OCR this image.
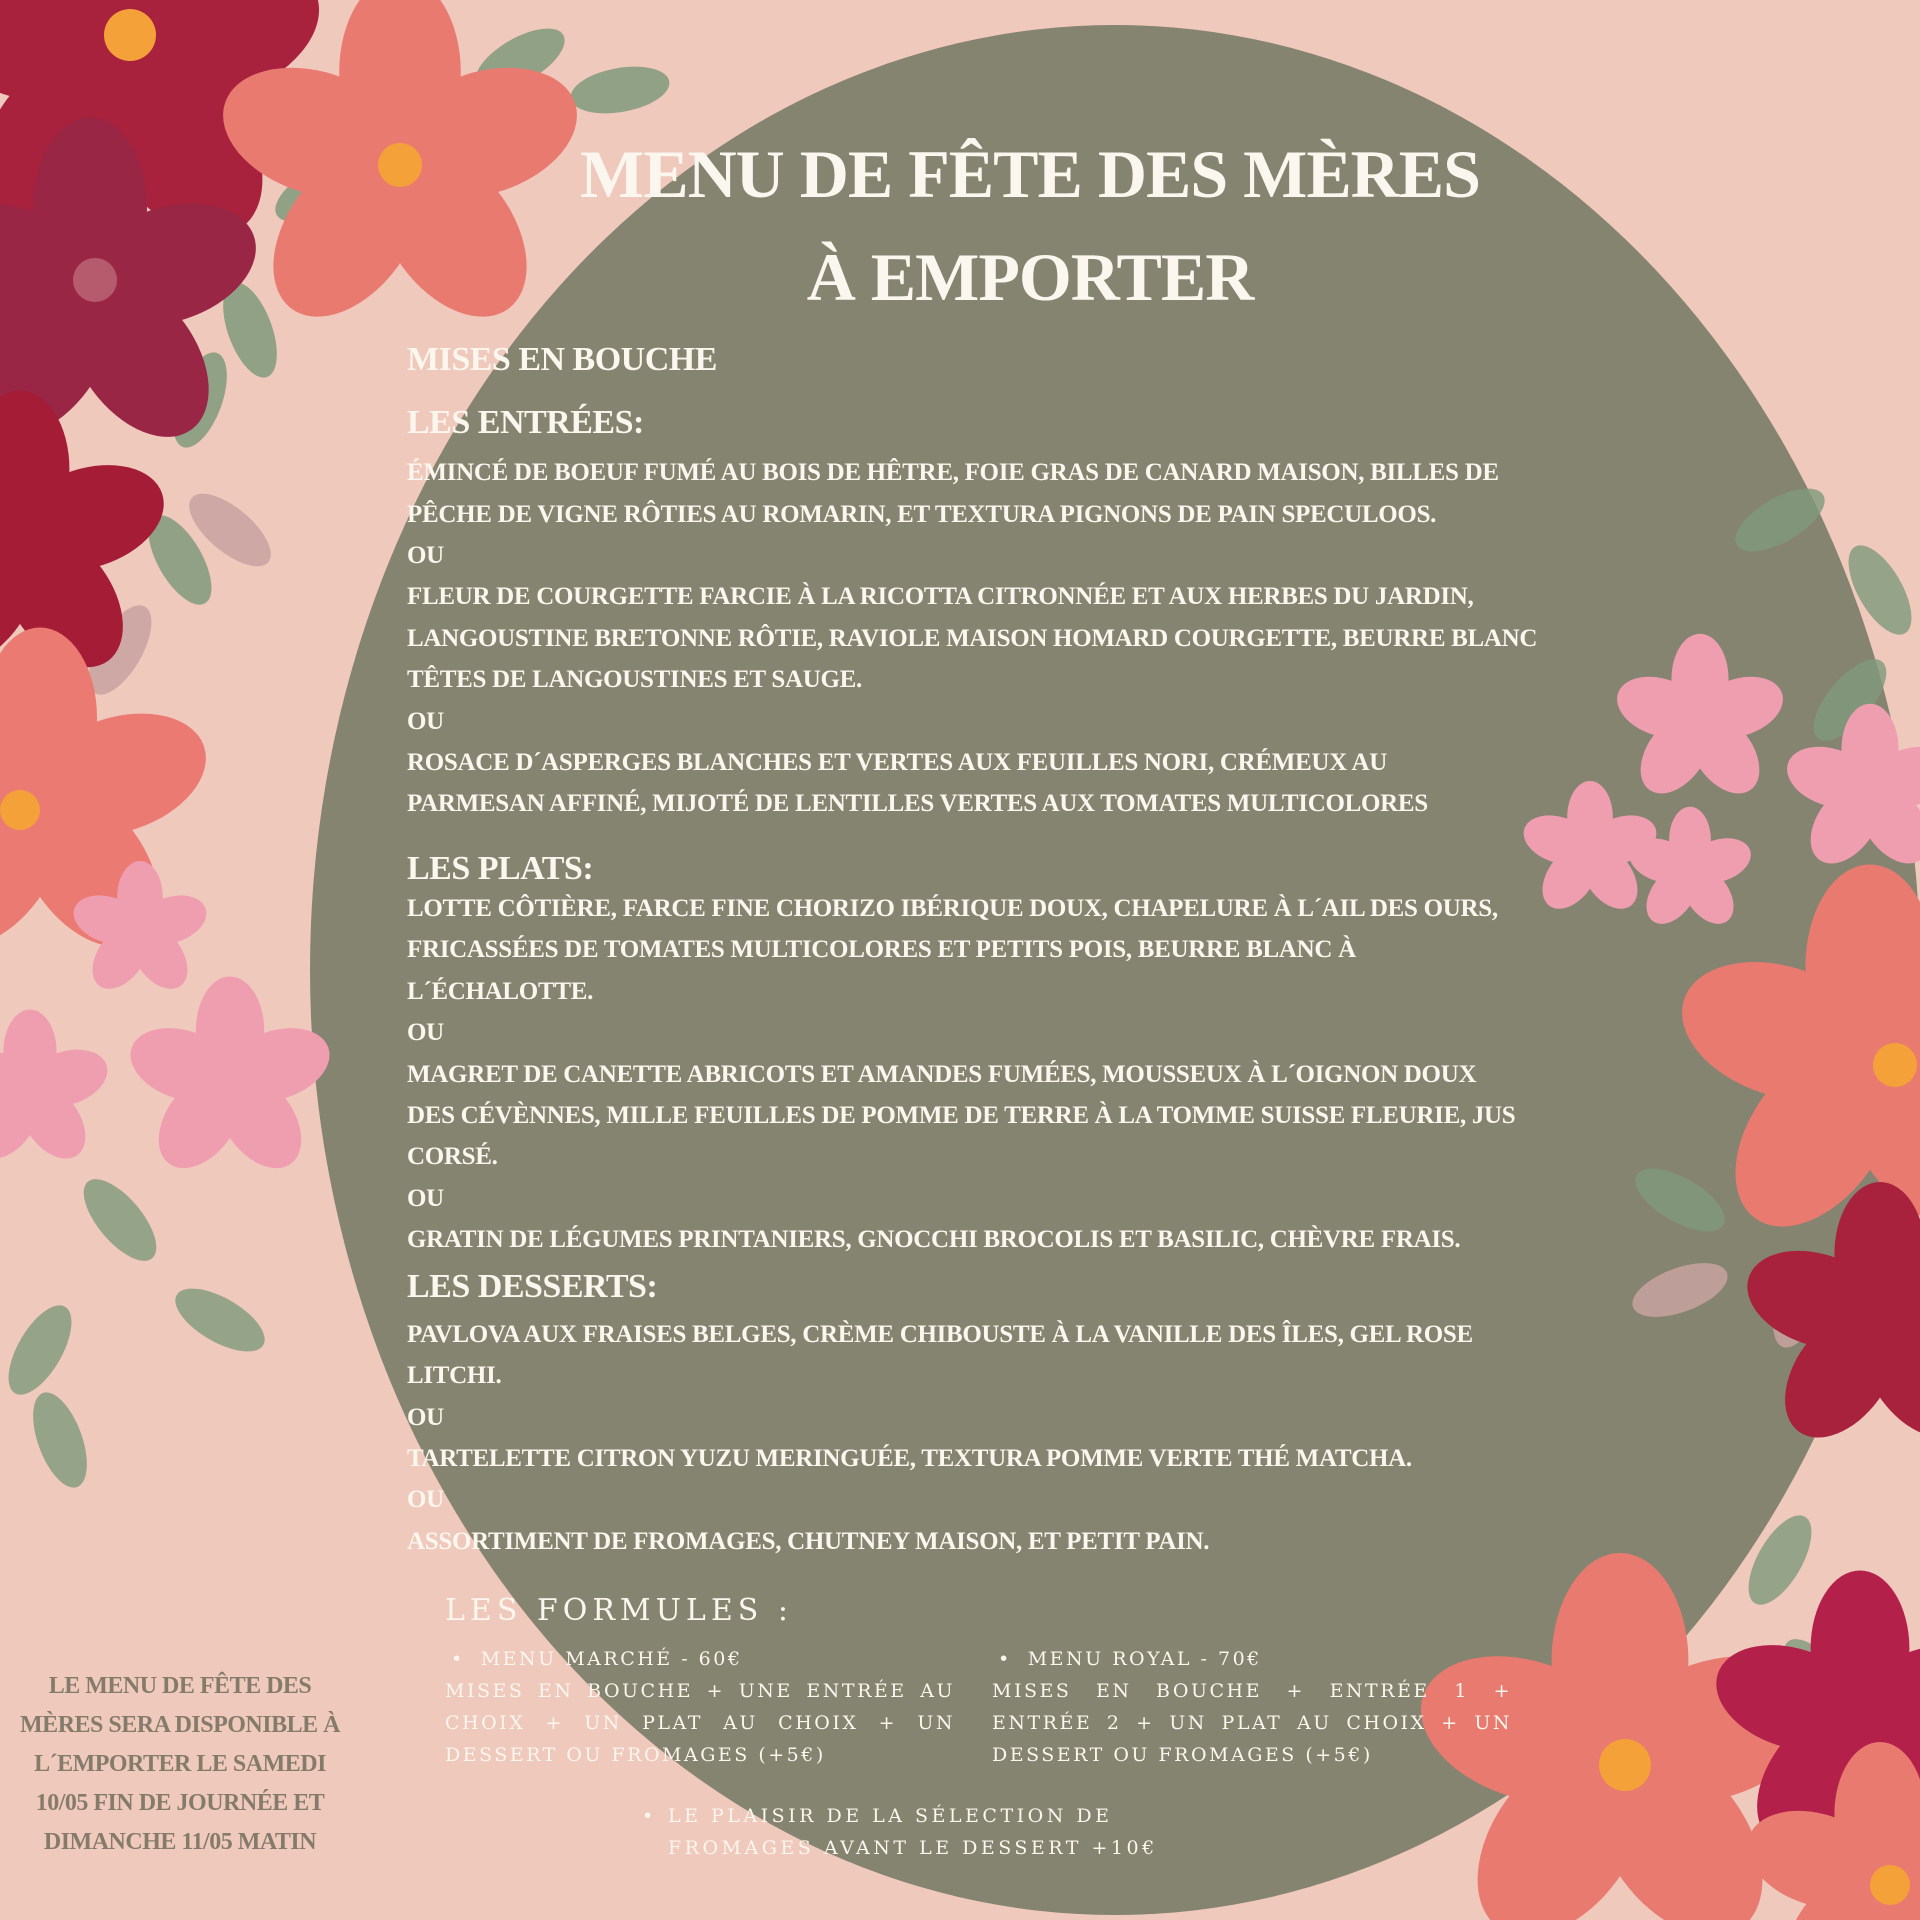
MENU DE FÊTE DES MÈRES
À EMPORTER
MISES EN BOUCHE
LES ENTRÉES:
ÉMINCÉ DE BOEUF FUMÉ AU BOIS DE HÊTRE, FOIE GRAS DE CANARD MAISON, BILLES DE
PÊCHE DE VIGNE RÔTIES AU ROMARIN, ET TEXTURA PIGNONS DE PAIN SPECULOOS.
OU
FLEUR DE COURGETTE FARCIE À LA RICOTTA CITRONNÉE ET AUX HERBES DU JARDIN,
LANGOUSTINE BRETONNE RÔTIE, RAVIOLE MAISON HOMARD COURGETTE, BEURRE BLANC
TÊTES DE LANGOUSTINES ET SAUGE.
OU
ROSACE D´ASPERGES BLANCHES ET VERTES AUX FEUILLES NORI, CRÉMEUX AU
PARMESAN AFFINÉ, MIJOTÉ DE LENTILLES VERTES AUX TOMATES MULTICOLORES
LES PLATS:
LOTTE CÔTIÈRE, FARCE FINE CHORIZO IBÉRIQUE DOUX, CHAPELURE À L´AIL DES OURS,
FRICASSÉES DE TOMATES MULTICOLORES ET PETITS POIS, BEURRE BLANC À
L´ÉCHALOTTE.
OU
MAGRET DE CANETTE ABRICOTS ET AMANDES FUMÉES, MOUSSEUX À L´OIGNON DOUX
DES CÉVÈNNES, MILLE FEUILLES DE POMME DE TERRE À LA TOMME SUISSE FLEURIE, JUS
CORSÉ.
OU
GRATIN DE LÉGUMES PRINTANIERS, GNOCCHI BROCOLIS ET BASILIC, CHÈVRE FRAIS.
LES DESSERTS:
PAVLOVA AUX FRAISES BELGES, CRÈME CHIBOUSTE À LA VANILLE DES ÎLES, GEL ROSE
LITCHI.
OU
TARTELETTE CITRON YUZU MERINGUÉE, TEXTURA POMME VERTE THÉ MATCHA.
OU
ASSORTIMENT DE FROMAGES, CHUTNEY MAISON, ET PETIT PAIN.
LES FORMULES :
• MENU MARCHÉ - 60€
MISES EN BOUCHE + UNE ENTRÉE AU CHOIX + UN PLAT AU CHOIX + UN DESSERT OU FROMAGES (+5€)
• MENU ROYAL - 70€
MISES EN BOUCHE + ENTRÉE 1 + ENTRÉE 2 + UN PLAT AU CHOIX + UN DESSERT OU FROMAGES (+5€)
• LE PLAISIR DE LA SÉLECTION DE FROMAGES AVANT LE DESSERT +10€
LE MENU DE FÊTE DES MÈRES SERA DISPONIBLE À L´EMPORTER LE SAMEDI 10/05 FIN DE JOURNÉE ET DIMANCHE 11/05 MATIN
